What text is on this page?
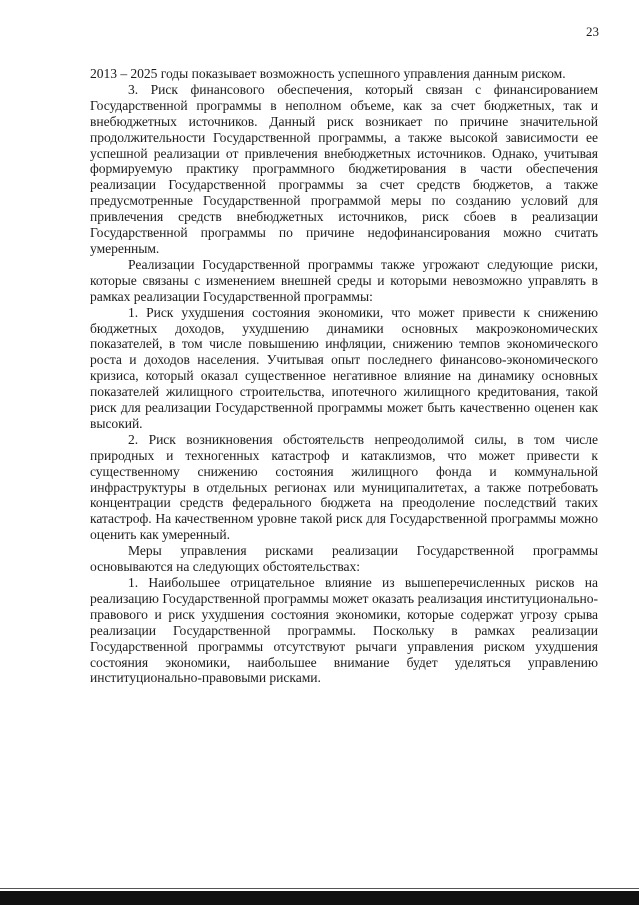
23

2013 – 2025 годы показывает возможность успешного управления данным риском.

3. Риск финансового обеспечения, который связан с финансированием Государственной программы в неполном объеме, как за счет бюджетных, так и внебюджетных источников. Данный риск возникает по причине значительной продолжительности Государственной программы, а также высокой зависимости ее успешной реализации от привлечения внебюджетных источников. Однако, учитывая формируемую практику программного бюджетирования в части обеспечения реализации Государственной программы за счет средств бюджетов, а также предусмотренные Государственной программой меры по созданию условий для привлечения средств внебюджетных источников, риск сбоев в реализации Государственной программы по причине недофинансирования можно считать умеренным.

Реализации Государственной программы также угрожают следующие риски, которые связаны с изменением внешней среды и которыми невозможно управлять в рамках реализации Государственной программы:

1. Риск ухудшения состояния экономики, что может привести к снижению бюджетных доходов, ухудшению динамики основных макроэкономических показателей, в том числе повышению инфляции, снижению темпов экономического роста и доходов населения. Учитывая опыт последнего финансово-экономического кризиса, который оказал существенное негативное влияние на динамику основных показателей жилищного строительства, ипотечного жилищного кредитования, такой риск для реализации Государственной программы может быть качественно оценен как высокий.

2. Риск возникновения обстоятельств непреодолимой силы, в том числе природных и техногенных катастроф и катаклизмов, что может привести к существенному снижению состояния жилищного фонда и коммунальной инфраструктуры в отдельных регионах или муниципалитетах, а также потребовать концентрации средств федерального бюджета на преодоление последствий таких катастроф. На качественном уровне такой риск для Государственной программы можно оценить как умеренный.

Меры управления рисками реализации Государственной программы основываются на следующих обстоятельствах:

1. Наибольшее отрицательное влияние из вышеперечисленных рисков на реализацию Государственной программы может оказать реализация институционально-правового и риск ухудшения состояния экономики, которые содержат угрозу срыва реализации Государственной программы. Поскольку в рамках реализации Государственной программы отсутствуют рычаги управления риском ухудшения состояния экономики, наибольшее внимание будет уделяться управлению институционально-правовыми рисками.
